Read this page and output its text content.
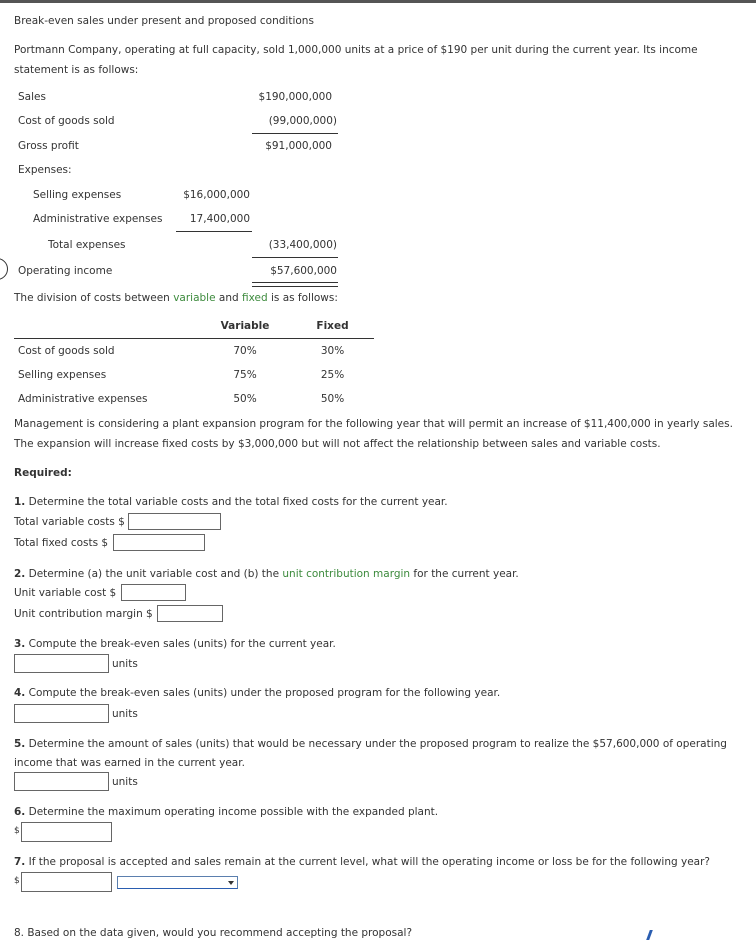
Break-even sales under present and proposed conditions
Portmann Company, operating at full capacity, sold 1,000,000 units at a price of $190 per unit during the current year. Its income
statement is as follows:
Sales	$190,000,000
Cost of goods sold	(99,000,000)
Gross profit	$91,000,000
Expenses:
Selling expenses	$16,000,000
Administrative expenses	17,400,000
Total expenses	(33,400,000)
Operating income	$57,600,000
The division of costs between variable and fixed is as follows:
Variable	Fixed
Cost of goods sold	70%	30%
Selling expenses	75%	25%
Administrative expenses	50%	50%
Management is considering a plant expansion program for the following year that will permit an increase of $11,400,000 in yearly sales.
The expansion will increase fixed costs by $3,000,000 but will not affect the relationship between sales and variable costs.
Required:
1. Determine the total variable costs and the total fixed costs for the current year.
Total variable costs $
Total fixed costs $
2. Determine (a) the unit variable cost and (b) the unit contribution margin for the current year.
Unit variable cost $
Unit contribution margin $
3. Compute the break-even sales (units) for the current year.
units
4. Compute the break-even sales (units) under the proposed program for the following year.
units
5. Determine the amount of sales (units) that would be necessary under the proposed program to realize the $57,600,000 of operating
income that was earned in the current year.
units
6. Determine the maximum operating income possible with the expanded plant.
$
7. If the proposal is accepted and sales remain at the current level, what will the operating income or loss be for the following year?
$
8. Based on the data given, would you recommend accepting the proposal?
